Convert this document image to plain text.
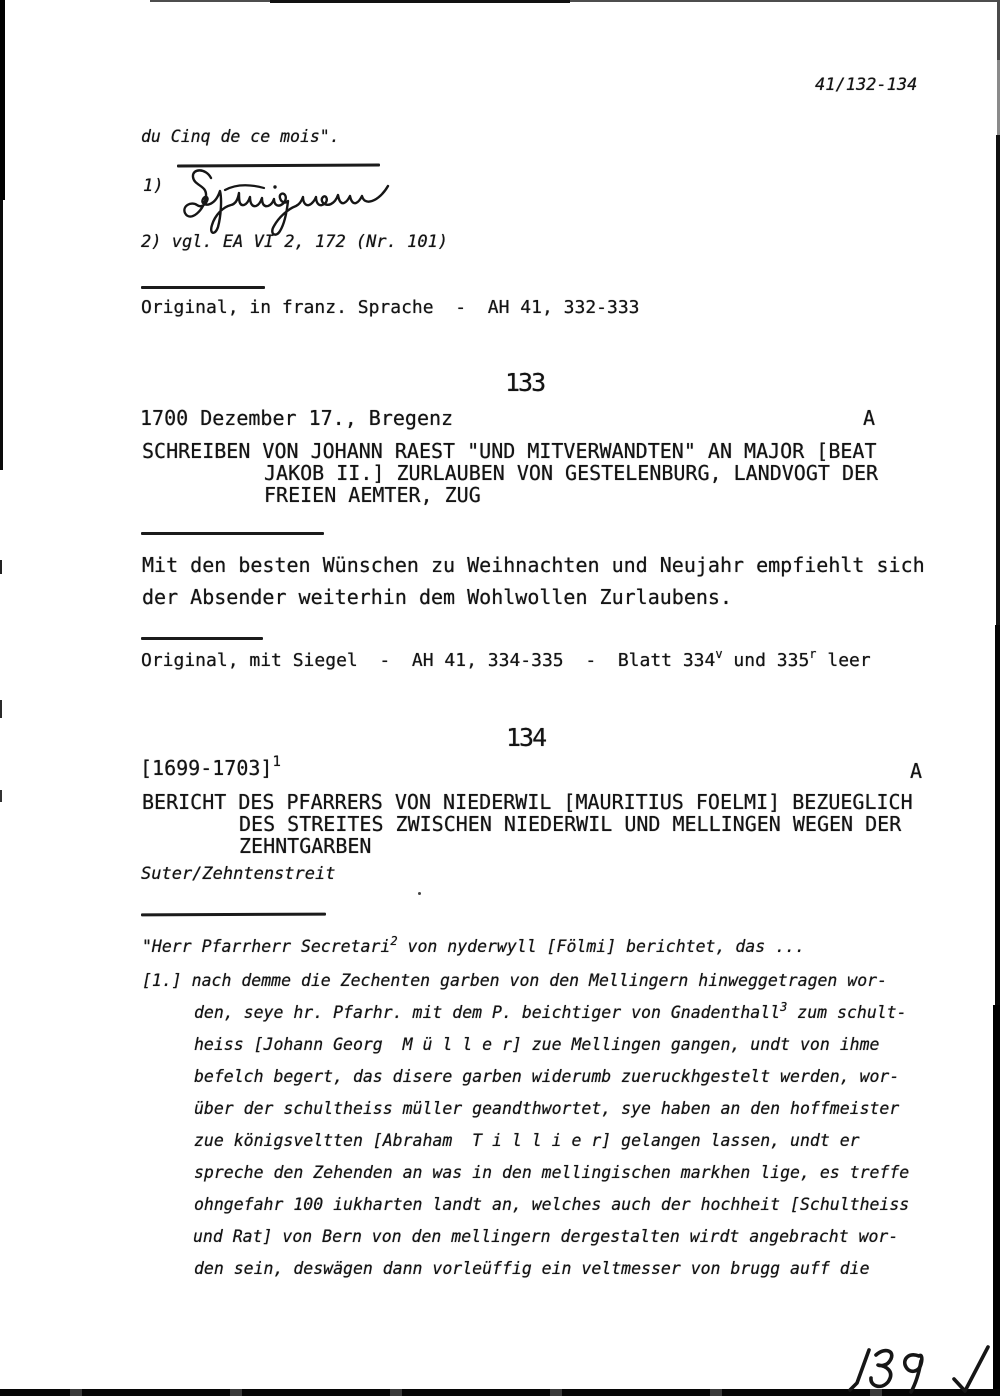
41/132-134
du Cinq de ce mois".
1)
2) vgl. EA VI 2, 172 (Nr. 101)
Original, in franz. Sprache  -  AH 41, 332-333
133
1700 Dezember 17., Bregenz	A
SCHREIBEN VON JOHANN RAEST "UND MITVERWANDTEN" AN MAJOR [BEAT
JAKOB II.] ZURLAUBEN VON GESTELENBURG, LANDVOGT DER
FREIEN AEMTER, ZUG
Mit den besten Wünschen zu Weihnachten und Neujahr empfiehlt sich
der Absender weiterhin dem Wohlwollen Zurlaubens.
Original, mit Siegel  -  AH 41, 334-335  -  Blatt 334$^v$ und 335$^r$ leer
134
[1699-1703]$^1$	A
BERICHT DES PFARRERS VON NIEDERWIL [MAURITIUS FOELMI] BEZUEGLICH
DES STREITES ZWISCHEN NIEDERWIL UND MELLINGEN WEGEN DER
ZEHNTGARBEN
Suter/Zehntenstreit
"Herr Pfarrherr Secretari$^2$ von nyderwyll [Fölmi] berichtet, das ...
[1.] nach demme die Zechenten garben von den Mellingern hinweggetragen wor-
den, seye hr. Pfarhr. mit dem P. beichtiger von Gnadenthall$^3$ zum schult-
heiss [Johann Georg  M ü l l e r] zue Mellingen gangen, undt von ihme
befelch begert, das disere garben widerumb zueruckhgestelt werden, wor-
über der schultheiss müller geandthwortet, sye haben an den hoffmeister
zue königsveltten [Abraham  T i l l i e r] gelangen lassen, undt er
spreche den Zehenden an was in den mellingischen markhen lige, es treffe
ohngefahr 100 iukharten landt an, welches auch der hochheit [Schultheiss
und Rat] von Bern von den mellingern dergestalten wirdt angebracht wor-
den sein, deswägen dann vorleüffig ein veltmesser von brugg auff die
